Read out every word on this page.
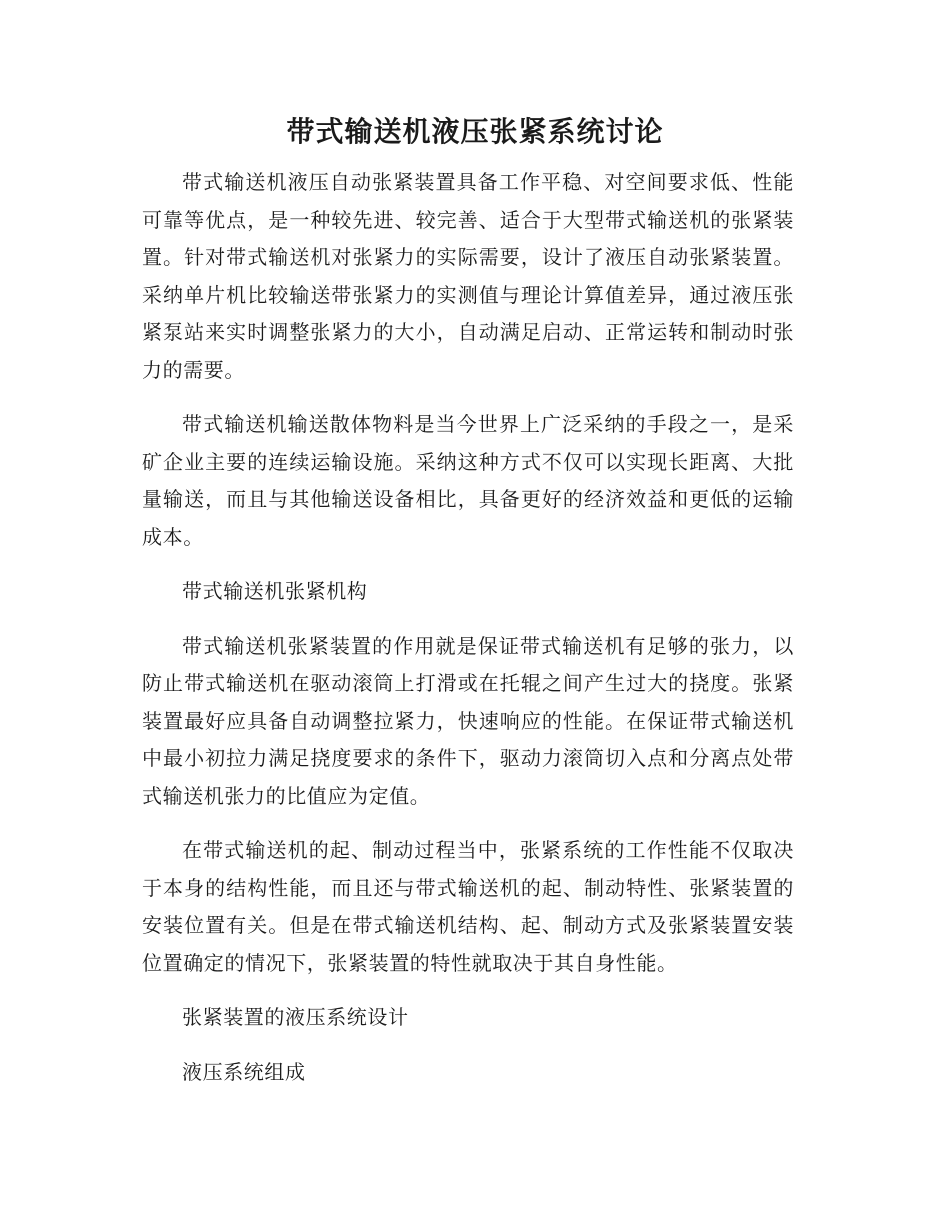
带式输送机液压张紧系统讨论

带式输送机液压自动张紧装置具备工作平稳、对空间要求低、性能可靠等优点，是一种较先进、较完善、适合于大型带式输送机的张紧装置。针对带式输送机对张紧力的实际需要，设计了液压自动张紧装置。采纳单片机比较输送带张紧力的实测值与理论计算值差异，通过液压张紧泵站来实时调整张紧力的大小，自动满足启动、正常运转和制动时张力的需要。

带式输送机输送散体物料是当今世界上广泛采纳的手段之一，是采矿企业主要的连续运输设施。采纳这种方式不仅可以实现长距离、大批量输送，而且与其他输送设备相比，具备更好的经济效益和更低的运输成本。

带式输送机张紧机构

带式输送机张紧装置的作用就是保证带式输送机有足够的张力，以防止带式输送机在驱动滚筒上打滑或在托辊之间产生过大的挠度。张紧装置最好应具备自动调整拉紧力，快速响应的性能。在保证带式输送机中最小初拉力满足挠度要求的条件下，驱动力滚筒切入点和分离点处带式输送机张力的比值应为定值。

在带式输送机的起、制动过程当中，张紧系统的工作性能不仅取决于本身的结构性能，而且还与带式输送机的起、制动特性、张紧装置的安装位置有关。但是在带式输送机结构、起、制动方式及张紧装置安装位置确定的情况下，张紧装置的特性就取决于其自身性能。

张紧装置的液压系统设计

液压系统组成
